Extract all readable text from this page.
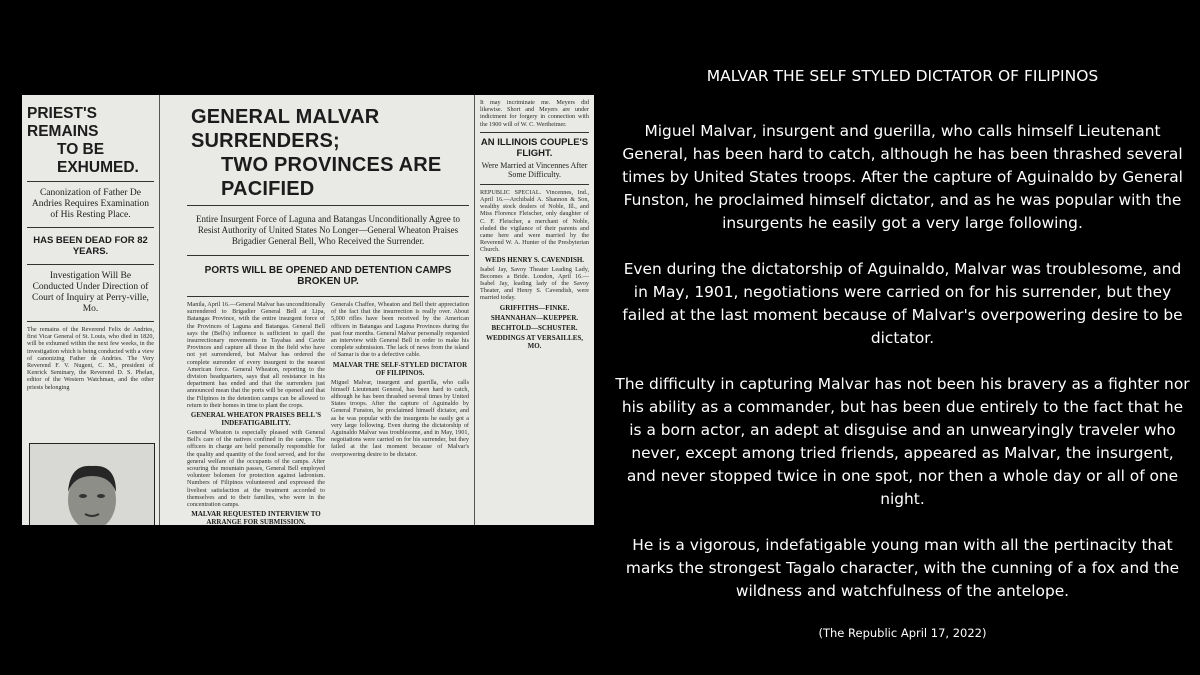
PRIEST'S REMAINS
TO BE EXHUMED.
Canonization of Father De Andries Requires Examination of His Resting Place.
HAS BEEN DEAD FOR 82 YEARS.
Investigation Will Be Conducted Under Direction of Court of Inquiry at Perry-ville, Mo.
The remains of the Reverend Felix de Andries, first Vicar General of St. Louis, who died in 1820, will be exhumed within the next few weeks, in the investigation which is being conducted with a view of canonizing Father de Andries. The Very Reverend F. V. Nugent, C. M., president of Kenrick Seminary, the Reverend D. S. Phelan, editor of the Western Watchman, and the other priests belonging
GENERAL MALVAR SURRENDERS;
TWO PROVINCES ARE PACIFIED
Entire Insurgent Force of Laguna and Batangas Unconditionally Agree to Resist Authority of United States No Longer—General Wheaton Praises Brigadier General Bell, Who Received the Surrender.
PORTS WILL BE OPENED AND DETENTION CAMPS BROKEN UP.
Manila, April 16.—General Malvar has unconditionally surrendered to Brigadier General Bell at Lipa, Batangas Province, with the entire insurgent force of the Provinces of Laguna and Batangas. General Bell says the (Bell's) influence is sufficient to quell the insurrectionary movements in Tayabas and Cavite Provinces and capture all those in the field who have not yet surrendered, but Malvar has ordered the complete surrender of every insurgent to the nearest American force. General Wheaton, reporting to the division headquarters, says that all resistance in his department has ended and that the surrenders just announced mean that the ports will be opened and that the Filipinos in the detention camps can be allowed to return to their homes in time to plant the crops.
GENERAL WHEATON PRAISES BELL'S INDEFATIGABILITY.
General Wheaton is especially pleased with General Bell's care of the natives confined in the camps. The officers in charge are held personally responsible for the quality and quantity of the food served, and for the general welfare of the occupants of the camps. After scouring the mountain passes, General Bell employed volunteer bolomen for protection against ladronism. Numbers of Filipinos volunteered and expressed the liveliest satisfaction at the treatment accorded to themselves and to their families, who were in the concentration camps.
MALVAR REQUESTED INTERVIEW TO ARRANGE FOR SUBMISSION.
Generals Chaffee, Wheaton and Bell their appreciation of the fact that the insurrection is really over. About 5,000 rifles have been received by the American officers in Batangas and Laguna Provinces during the past four months. General Malvar personally requested an interview with General Bell in order to make his complete submission. The lack of news from the island of Samar is due to a defective cable.
MALVAR THE SELF-STYLED DICTATOR OF FILIPINOS.
Miguel Malvar, insurgent and guerilla, who calls himself Lieutenant General, has been hard to catch, although he has been thrashed several times by United States troops. After the capture of Aguinaldo by General Funston, he proclaimed himself dictator, and as he was popular with the insurgents he easily got a very large following. Even during the dictatorship of Aguinaldo Malvar was troublesome, and in May, 1901, negotiations were carried on for his surrender, but they failed at the last moment because of Malvar's overpowering desire to be dictator.
It may incriminate me. Meyers did likewise. Short and Meyers are under indictment for forgery in connection with the 1900 will of W. C. Wertheimer.
AN ILLINOIS COUPLE'S FLIGHT.
Were Married at Vincennes After Some Difficulty.
REPUBLIC SPECIAL. Vincennes, Ind., April 16.—Archibald A. Shannon & Son, wealthy stock dealers of Noble, Ill., and Miss Florence Fleischer, only daughter of C. F. Fleischer, a merchant of Noble, eluded the vigilance of their parents and came here and were married by the Reverend W. A. Hunter of the Presbyterian Church.
WEDS HENRY S. CAVENDISH.
Isabel Jay, Savoy Theater Leading Lady, Becomes a Bride. London, April 16.—Isabel Jay, leading lady of the Savoy Theater, and Henry S. Cavendish, were married today.
GRIFFITHS—FINKE.
SHANNAHAN—KUEPPER.
BECHTOLD—SCHUSTER.
WEDDINGS AT VERSAILLES, MO.
MALVAR THE SELF STYLED DICTATOR OF FILIPINOS

Miguel Malvar, insurgent and guerilla, who calls himself Lieutenant General, has been hard to catch, although he has been thrashed several times by United States troops. After the capture of Aguinaldo by General Funston, he proclaimed himself dictator, and as he was popular with the insurgents he easily got a very large following.

Even during the dictatorship of Aguinaldo, Malvar was troublesome, and in May, 1901, negotiations were carried on for his surrender, but they failed at the last moment because of Malvar's overpowering desire to be dictator.

The difficulty in capturing Malvar has not been his bravery as a fighter nor his ability as a commander, but has been due entirely to the fact that he is a born actor, an adept at disguise and an unwearyingly traveler who never, except among tried friends, appeared as Malvar, the insurgent, and never stopped twice in one spot, nor then a whole day or all of one night.

He is a vigorous, indefatigable young man with all the pertinacity that marks the strongest Tagalo character, with the cunning of a fox and the wildness and watchfulness of the antelope.

(The Republic April 17, 2022)
